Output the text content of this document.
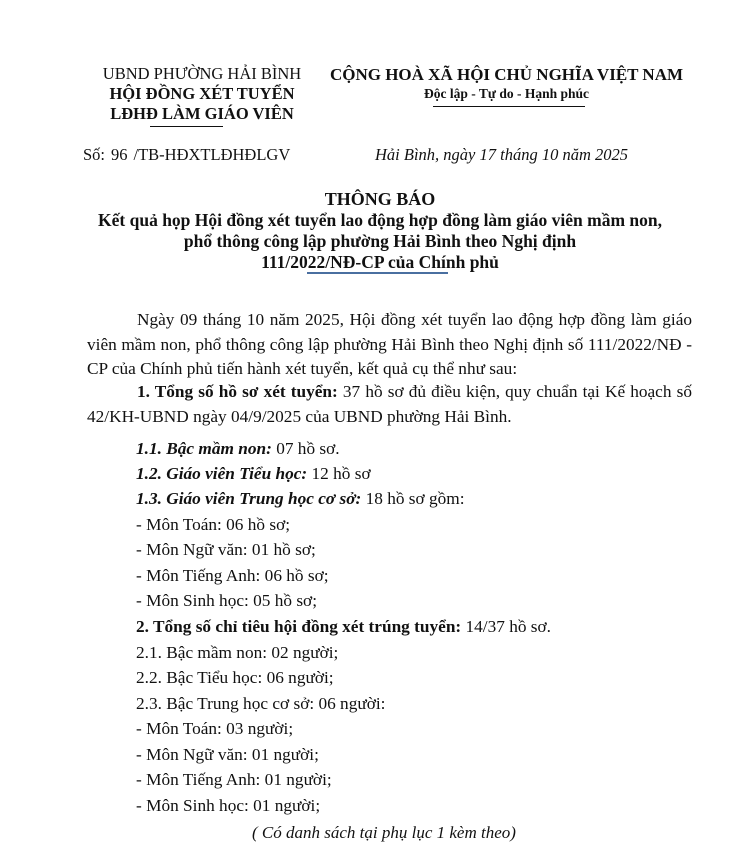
UBND PHƯỜNG HẢI BÌNH
HỘI ĐỒNG XÉT TUYỂN
LĐHĐ LÀM GIÁO VIÊN
CỘNG HOÀ XÃ HỘI CHỦ NGHĨA VIỆT NAM
Độc lập - Tự do - Hạnh phúc
Số: 96 /TB-HĐXTLĐHĐLGV	Hải Bình, ngày 17 tháng 10 năm 2025
THÔNG BÁO
Kết quả họp Hội đồng xét tuyển lao động hợp đồng làm giáo viên mầm non,
phổ thông công lập phường Hải Bình theo Nghị định
111/2022/NĐ-CP của Chính phủ
Ngày 09 tháng 10 năm 2025, Hội đồng xét tuyển lao động hợp đồng làm giáo viên mầm non, phổ thông công lập phường Hải Bình theo Nghị định số 111/2022/NĐ - CP của Chính phủ tiến hành xét tuyển, kết quả cụ thể như sau:
1. Tổng số hồ sơ xét tuyển: 37 hồ sơ đủ điều kiện, quy chuẩn tại Kế hoạch số 42/KH-UBND ngày 04/9/2025 của UBND phường Hải Bình.
1.1. Bậc mầm non: 07 hồ sơ.
1.2. Giáo viên Tiểu học: 12 hồ sơ
1.3. Giáo viên Trung học cơ sở: 18 hồ sơ gồm:
- Môn Toán: 06 hồ sơ;
- Môn Ngữ văn: 01 hồ sơ;
- Môn Tiếng Anh: 06 hồ sơ;
- Môn Sinh học: 05 hồ sơ;
2. Tổng số chỉ tiêu hội đồng xét trúng tuyển: 14/37 hồ sơ.
2.1. Bậc mầm non: 02 người;
2.2. Bậc Tiểu học: 06 người;
2.3. Bậc Trung học cơ sở: 06 người:
- Môn Toán: 03 người;
- Môn Ngữ văn: 01 người;
- Môn Tiếng Anh: 01 người;
- Môn Sinh học: 01 người;
( Có danh sách tại phụ lục 1 kèm theo)
